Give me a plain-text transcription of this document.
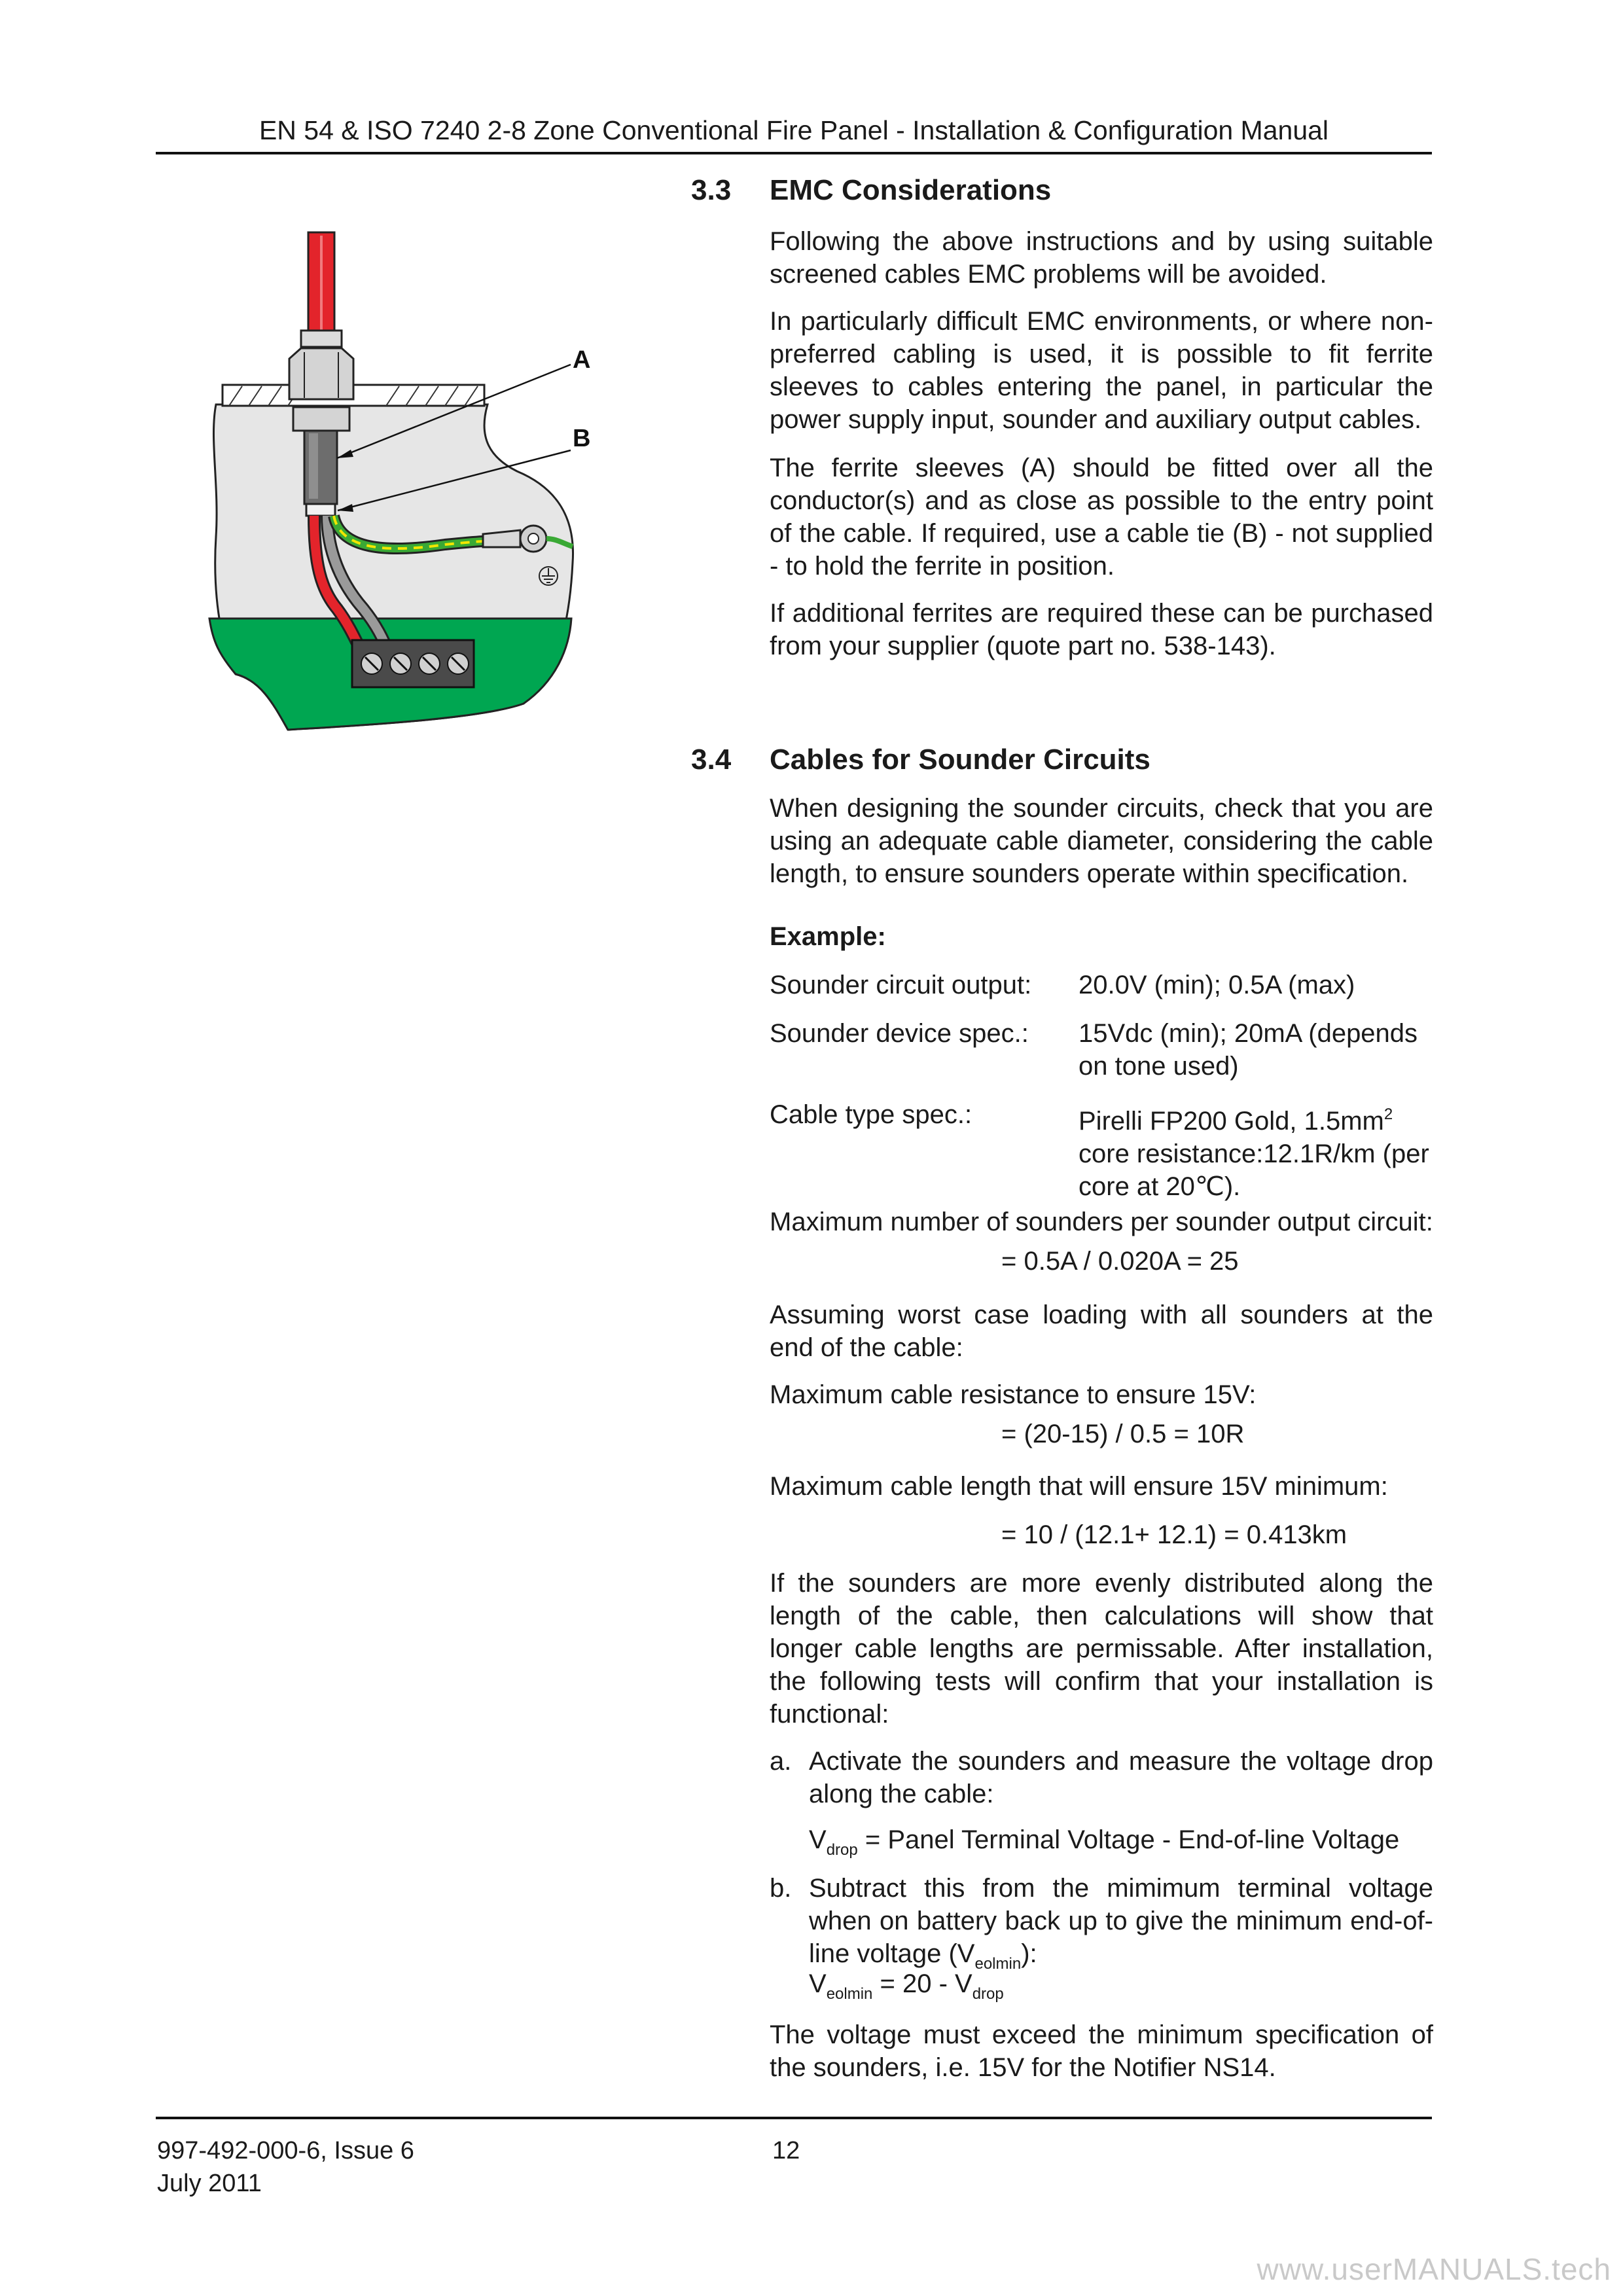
EN 54 & ISO 7240 2-8 Zone Conventional Fire Panel - Installation & Configuration Manual
A
B
3.3 EMC Considerations
Following the above instructions and by using suitable screened cables EMC problems will be avoided.
In particularly difficult EMC environments, or where non-preferred cabling is used, it is possible to fit ferrite sleeves to cables entering the panel, in particular the power supply input, sounder and auxiliary output cables.
The ferrite sleeves (A) should be fitted over all the conductor(s) and as close as possible to the entry point of the cable. If required, use a cable tie (B) - not supplied - to hold the ferrite in position.
If additional ferrites are required these can be purchased from your supplier (quote part no. 538-143).
3.4 Cables for Sounder Circuits
When designing the sounder circuits, check that you are using an adequate cable diameter, considering the cable length, to ensure sounders operate within specification.
Example:
Sounder circuit output: 20.0V (min); 0.5A (max)
Sounder device spec.: 15Vdc (min); 20mA (depends on tone used)
Cable type spec.:	Pirelli FP200 Gold, $1.5mm^2$
core resistance:12.1R/km (per core at 20℃).
Maximum number of sounders per sounder output circuit:
= 0.5A / 0.020A = 25
Assuming worst case loading with all sounders at the end of the cable:
Maximum cable resistance to ensure 15V:
= (20-15) / 0.5 = 10R
Maximum cable length that will ensure 15V minimum:
= 10 / (12.1+ 12.1) = 0.413km
If the sounders are more evenly distributed along the length of the cable, then calculations will show that longer cable lengths are permissable. After installation, the following tests will confirm that your installation is functional:
a. Activate the sounders and measure the voltage drop along the cable:
$V_{drop}$ = Panel Terminal Voltage - End-of-line Voltage
b. Subtract this from the mimimum terminal voltage when on battery back up to give the minimum end-of-line voltage $(V_{eolmin})$:
$V_{eolmin} = 20 - V_{drop}$
The voltage must exceed the minimum specification of the sounders, i.e. 15V for the Notifier NS14.
997-492-000-6, Issue 6
July 2011
12
www.userMANUALS.tech
